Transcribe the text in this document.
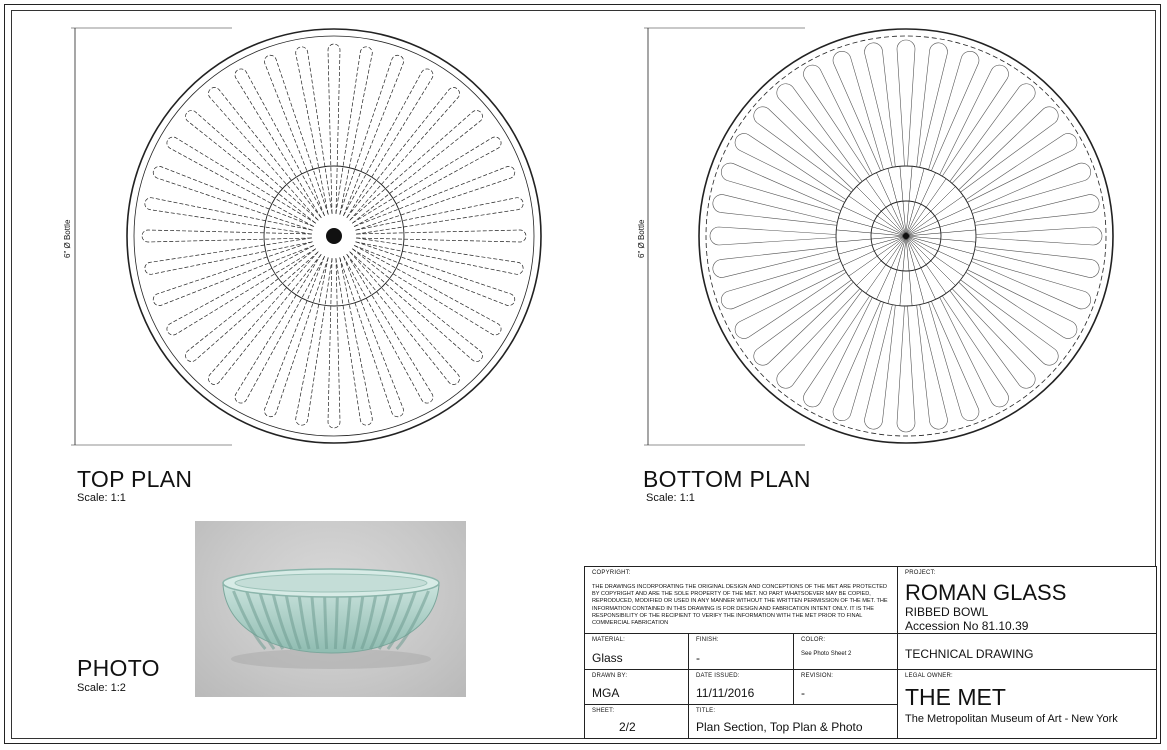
6" Ø Bottle	6" Ø Bottle
TOP PLAN
Scale: 1:1
BOTTOM PLAN
Scale: 1:1
PHOTO
Scale: 1:2
COPYRIGHT:
THE DRAWINGS INCORPORATING THE ORIGINAL DESIGN AND CONCEPTIONS OF THE MET ARE PROTECTED BY COPYRIGHT AND ARE THE SOLE PROPERTY OF THE MET. NO PART WHATSOEVER MAY BE COPIED, REPRODUCED, MODIFIED OR USED IN ANY MANNER WITHOUT THE WRITTEN PERMISSION OF THE MET. THE INFORMATION CONTAINED IN THIS DRAWING IS FOR DESIGN AND FABRICATION INTENT ONLY. IT IS THE RESPONSIBILITY OF THE RECIPIENT TO VERIFY THE INFORMATION WITH THE MET PRIOR TO FINAL COMMERCIAL FABRICATION
PROJECT:
ROMAN GLASS
RIBBED BOWL
Accession No 81.10.39
MATERIAL:
Glass
FINISH:
-
COLOR:
See Photo Sheet 2	TECHNICAL DRAWING
DRAWN BY:
MGA
DATE ISSUED:
11/11/2016
REVISION:
-
LEGAL OWNER:
THE MET
The Metropolitan Museum of Art - New York
SHEET:
2/2
TITLE:
Plan Section, Top Plan & Photo
